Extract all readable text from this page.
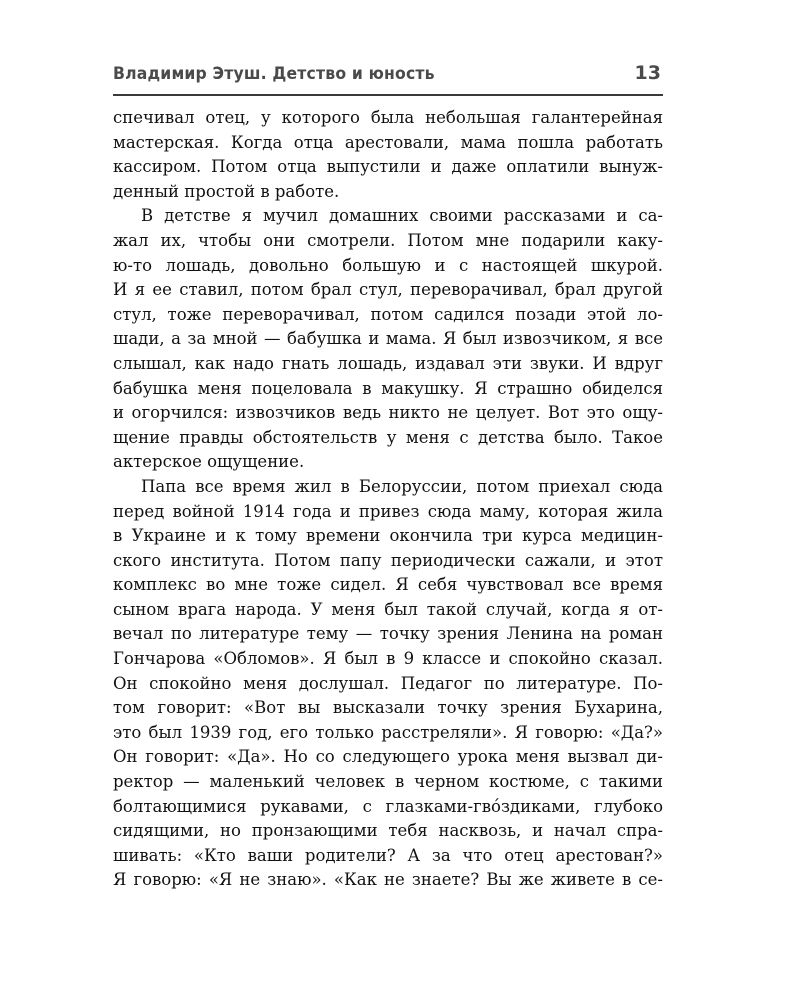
Владимир Этуш. Детство и юность	13
спечивал отец, у которого была небольшая галантерейная
мастерская. Когда отца арестовали, мама пошла работать
кассиром. Потом отца выпустили и даже оплатили вынуж-
денный простой в работе.
В детстве я мучил домашних своими рассказами и са-
жал их, чтобы они смотрели. Потом мне подарили каку-
ю-то лошадь, довольно большую и с настоящей шкурой.
И я ее ставил, потом брал стул, переворачивал, брал другой
стул, тоже переворачивал, потом садился позади этой ло-
шади, а за мной — бабушка и мама. Я был извозчиком, я все
слышал, как надо гнать лошадь, издавал эти звуки. И вдруг
бабушка меня поцеловала в макушку. Я страшно обиделся
и огорчился: извозчиков ведь никто не целует. Вот это ощу-
щение правды обстоятельств у меня с детства было. Такое
актерское ощущение.
Папа все время жил в Белоруссии, потом приехал сюда
перед войной 1914 года и привез сюда маму, которая жила
в Украине и к тому времени окончила три курса медицин-
ского института. Потом папу периодически сажали, и этот
комплекс во мне тоже сидел. Я себя чувствовал все время
сыном врага народа. У меня был такой случай, когда я от-
вечал по литературе тему — точку зрения Ленина на роман
Гончарова «Обломов». Я был в 9 классе и спокойно сказал.
Он спокойно меня дослушал. Педагог по литературе. По-
том говорит: «Вот вы высказали точку зрения Бухарина,
это был 1939 год, его только расстреляли». Я говорю: «Да?»
Он говорит: «Да». Но со следующего урока меня вызвал ди-
ректор — маленький человек в черном костюме, с такими
болтающимися рукавами, с глазками-гвóздиками, глубоко
сидящими, но пронзающими тебя насквозь, и начал спра-
шивать: «Кто ваши родители? А за что отец арестован?»
Я говорю: «Я не знаю». «Как не знаете? Вы же живете в се-
